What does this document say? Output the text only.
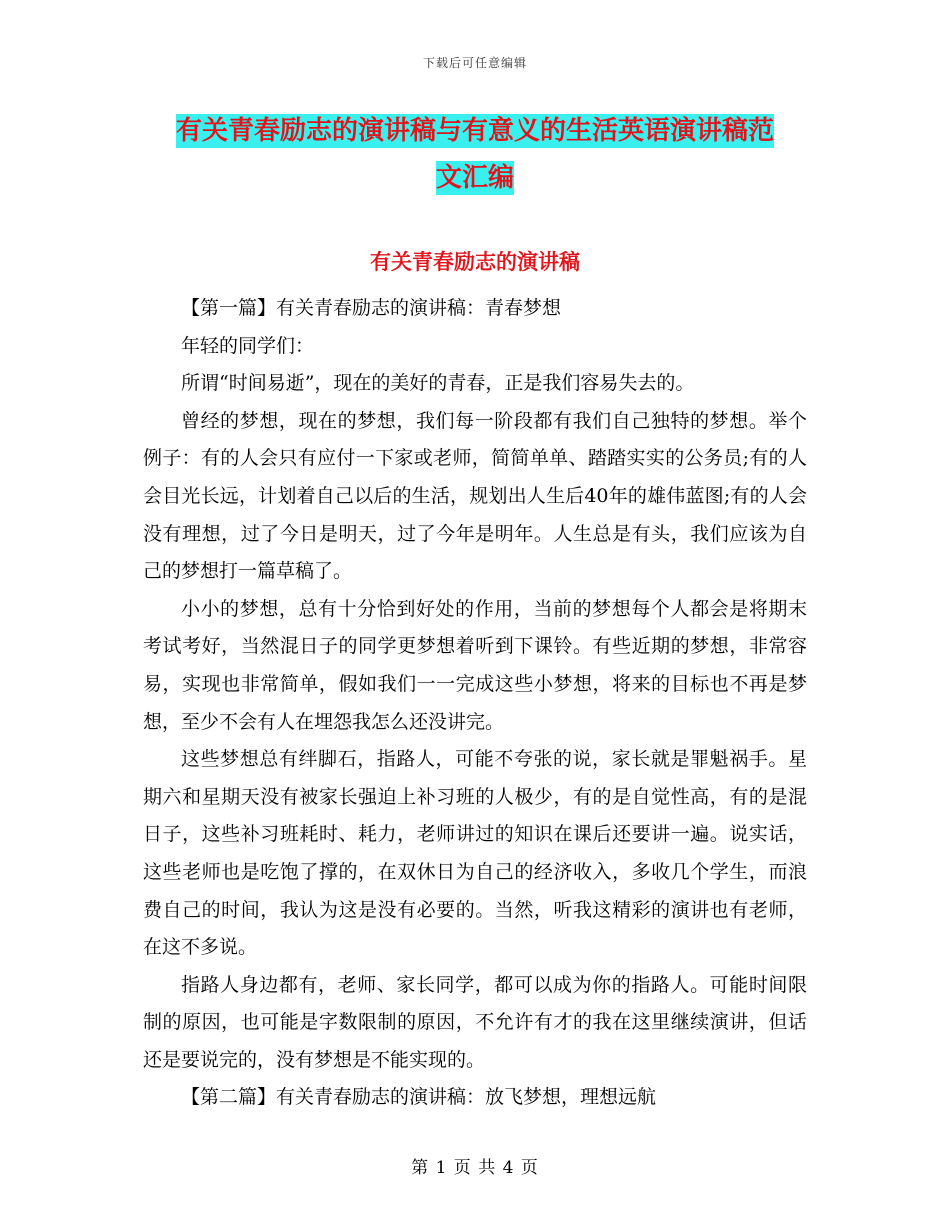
下载后可任意编辑
有关青春励志的演讲稿与有意义的生活英语演讲稿范
文汇编
有关青春励志的演讲稿

【第一篇】有关青春励志的演讲稿：青春梦想

年轻的同学们：

所谓“时间易逝”，现在的美好的青春，正是我们容易失去的。

曾经的梦想，现在的梦想，我们每一阶段都有我们自己独特的梦想。举个例子：有的人会只有应付一下家或老师，简简单单、踏踏实实的公务员;有的人会目光长远，计划着自己以后的生活，规划出人生后40年的雄伟蓝图;有的人会没有理想，过了今日是明天，过了今年是明年。人生总是有头，我们应该为自己的梦想打一篇草稿了。

小小的梦想，总有十分恰到好处的作用，当前的梦想每个人都会是将期末考试考好，当然混日子的同学更梦想着听到下课铃。有些近期的梦想，非常容易，实现也非常简单，假如我们一一完成这些小梦想，将来的目标也不再是梦想，至少不会有人在埋怨我怎么还没讲完。

这些梦想总有绊脚石，指路人，可能不夸张的说，家长就是罪魁祸手。星期六和星期天没有被家长强迫上补习班的人极少，有的是自觉性高，有的是混日子，这些补习班耗时、耗力，老师讲过的知识在课后还要讲一遍。说实话，这些老师也是吃饱了撑的，在双休日为自己的经济收入，多收几个学生，而浪费自己的时间，我认为这是没有必要的。当然，听我这精彩的演讲也有老师，在这不多说。

指路人身边都有，老师、家长同学，都可以成为你的指路人。可能时间限制的原因，也可能是字数限制的原因，不允许有才的我在这里继续演讲，但话还是要说完的，没有梦想是不能实现的。

【第二篇】有关青春励志的演讲稿：放飞梦想，理想远航

第 1 页 共 4 页
